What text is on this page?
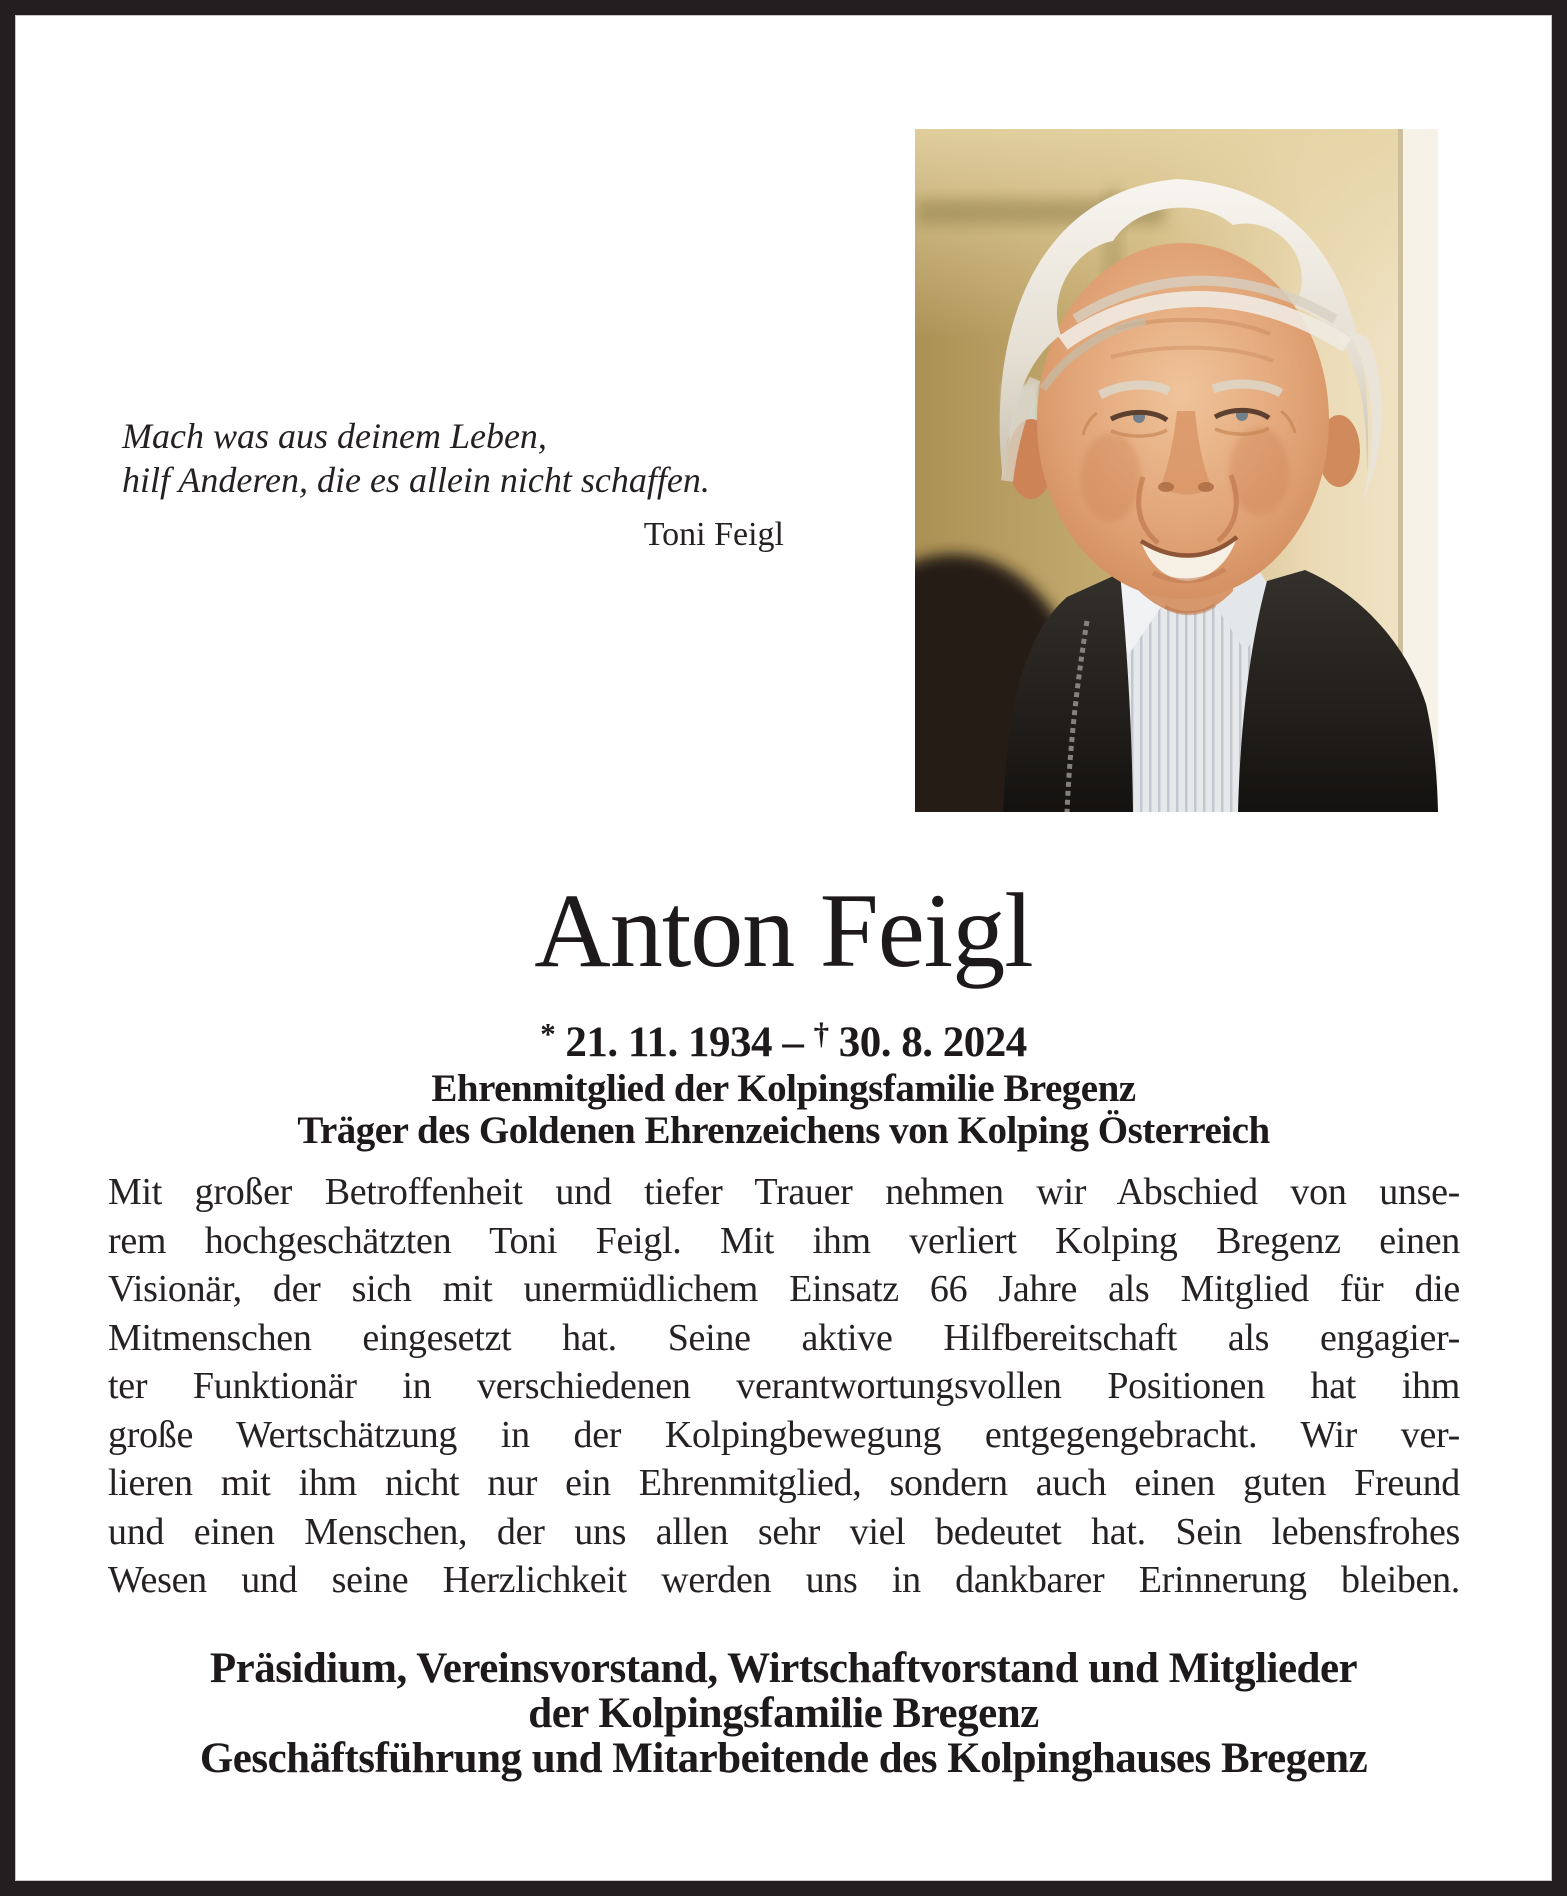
Mach was aus deinem Leben,
hilf Anderen, die es allein nicht schaffen.
Toni Feigl
Anton Feigl
* 21. 11. 1934 – † 30. 8. 2024
Ehrenmitglied der Kolpingsfamilie Bregenz
Träger des Goldenen Ehrenzeichens von Kolping Österreich
Mit großer Betroffenheit und tiefer Trauer nehmen wir Abschied von unse-
rem hochgeschätzten Toni Feigl. Mit ihm verliert Kolping Bregenz einen
Visionär, der sich mit unermüdlichem Einsatz 66 Jahre als Mitglied für die
Mitmenschen eingesetzt hat. Seine aktive Hilfbereitschaft als engagier-
ter Funktionär in verschiedenen verantwortungsvollen Positionen hat ihm
große Wertschätzung in der Kolpingbewegung entgegengebracht. Wir ver-
lieren mit ihm nicht nur ein Ehrenmitglied, sondern auch einen guten Freund
und einen Menschen, der uns allen sehr viel bedeutet hat. Sein lebensfrohes
Wesen und seine Herzlichkeit werden uns in dankbarer Erinnerung bleiben.
Präsidium, Vereinsvorstand, Wirtschaftvorstand und Mitglieder
der Kolpingsfamilie Bregenz
Geschäftsführung und Mitarbeitende des Kolpinghauses Bregenz
